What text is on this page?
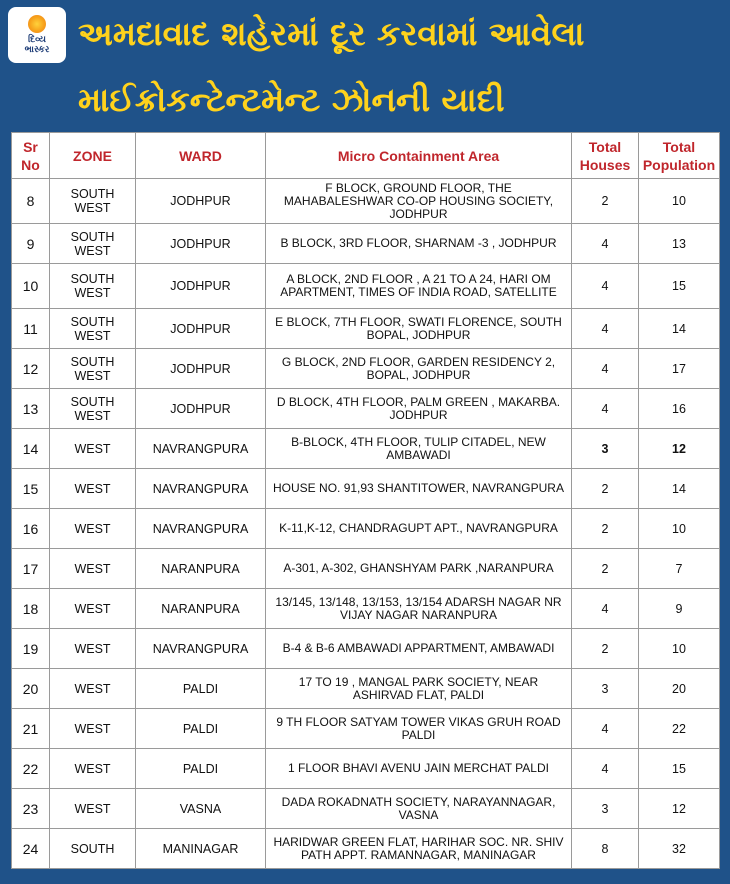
દિવ્ય
ભાસ્કર અમદાવાદ શહેરમાં દૂર કરવામાં આવેલા
માઈક્રોકન્ટેન્ટમેન્ટ ઝોનની યાદી
Sr No	ZONE	WARD	Micro Containment Area	Total Houses	Total Population
8	SOUTH WEST	JODHPUR	F BLOCK, GROUND FLOOR, THE MAHABALESHWAR CO-OP HOUSING SOCIETY, JODHPUR	2	10
9	SOUTH WEST	JODHPUR	B BLOCK, 3RD FLOOR, SHARNAM -3 , JODHPUR	4	13
10	SOUTH WEST	JODHPUR	A BLOCK, 2ND FLOOR , A 21 TO A 24, HARI OM APARTMENT, TIMES OF INDIA ROAD, SATELLITE	4	15
11	SOUTH WEST	JODHPUR	E BLOCK, 7TH FLOOR, SWATI FLORENCE, SOUTH BOPAL, JODHPUR	4	14
12	SOUTH WEST	JODHPUR	G BLOCK, 2ND FLOOR, GARDEN RESIDENCY 2, BOPAL, JODHPUR	4	17
13	SOUTH WEST	JODHPUR	D BLOCK, 4TH FLOOR, PALM GREEN , MAKARBA. JODHPUR	4	16
14	WEST	NAVRANGPURA	B-BLOCK, 4TH FLOOR, TULIP CITADEL, NEW AMBAWADI	3	12
15	WEST	NAVRANGPURA	HOUSE NO. 91,93 SHANTITOWER, NAVRANGPURA	2	14
16	WEST	NAVRANGPURA	K-11,K-12, CHANDRAGUPT APT., NAVRANGPURA	2	10
17	WEST	NARANPURA	A-301, A-302, GHANSHYAM PARK ,NARANPURA	2	7
18	WEST	NARANPURA	13/145, 13/148, 13/153, 13/154 ADARSH NAGAR NR VIJAY NAGAR NARANPURA	4	9
19	WEST	NAVRANGPURA	B-4 & B-6 AMBAWADI APPARTMENT, AMBAWADI	2	10
20	WEST	PALDI	17 TO 19 , MANGAL PARK SOCIETY, NEAR ASHIRVAD FLAT, PALDI	3	20
21	WEST	PALDI	9 TH FLOOR SATYAM TOWER VIKAS GRUH ROAD PALDI	4	22
22	WEST	PALDI	1 FLOOR BHAVI AVENU JAIN MERCHAT PALDI	4	15
23	WEST	VASNA	DADA ROKADNATH SOCIETY, NARAYANNAGAR, VASNA	3	12
24	SOUTH	MANINAGAR	HARIDWAR GREEN FLAT, HARIHAR SOC. NR. SHIV PATH APPT. RAMANNAGAR, MANINAGAR	8	32
